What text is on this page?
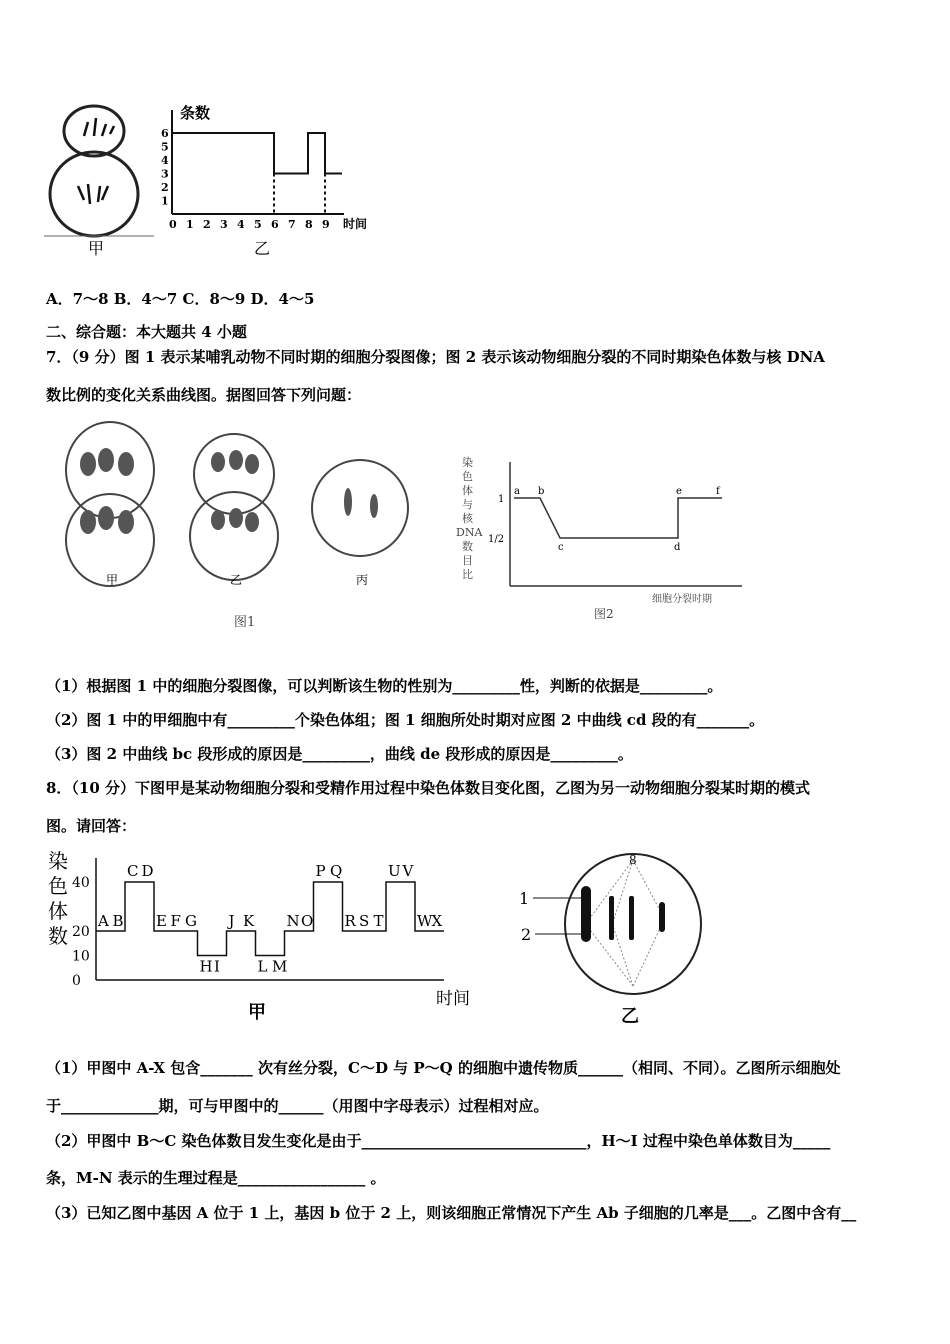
1
2
3
4
5
6
0 1 2 3 4 5 6 7 8 9
条数
时间
甲	乙
A．7～8 B．4～7 C．8～9 D．4～5
二、综合题：本大题共 4 小题
7．（9 分）图 1 表示某哺乳动物不同时期的细胞分裂图像；图 2 表示该动物细胞分裂的不同时期染色体数与核 DNA
数比例的变化关系曲线图。据图回答下列问题：
甲	乙	丙
图1
染
色
体
与
核
DNA
数
目
比
1
1/2
a b
c	d
e	f
细胞分裂时期
图2
（1）根据图 1 中的细胞分裂图像，可以判断该生物的性别为_________性，判断的依据是_________。
（2）图 1 中的甲细胞中有_________个染色体组；图 1 细胞所处时期对应图 2 中曲线 cd 段的有_______。
（3）图 2 中曲线 bc 段形成的原因是_________，曲线 de 段形成的原因是_________。
8．（10 分）下图甲是某动物细胞分裂和受精作用过程中染色体数目变化图，乙图为另一动物细胞分裂某时期的模式
图。请回答：
染
色
体
数
40
20
10
0
A B
C D
E F G
H I
J K
L M
N O
P Q
R S T
U V
W X
时间
甲
8
1
2
乙
（1）甲图中 A-X 包含_______ 次有丝分裂，C～D 与 P～Q 的细胞中遗传物质______（相同、不同）。乙图所示细胞处
于_____________期，可与甲图中的______（用图中字母表示）过程相对应。
（2）甲图中 B～C 染色体数目发生变化是由于______________________________，H～I 过程中染色单体数目为_____
条，M-N 表示的生理过程是_________________ 。
（3）已知乙图中基因 A 位于 1 上，基因 b 位于 2 上，则该细胞正常情况下产生 Ab 子细胞的几率是___。乙图中含有__
